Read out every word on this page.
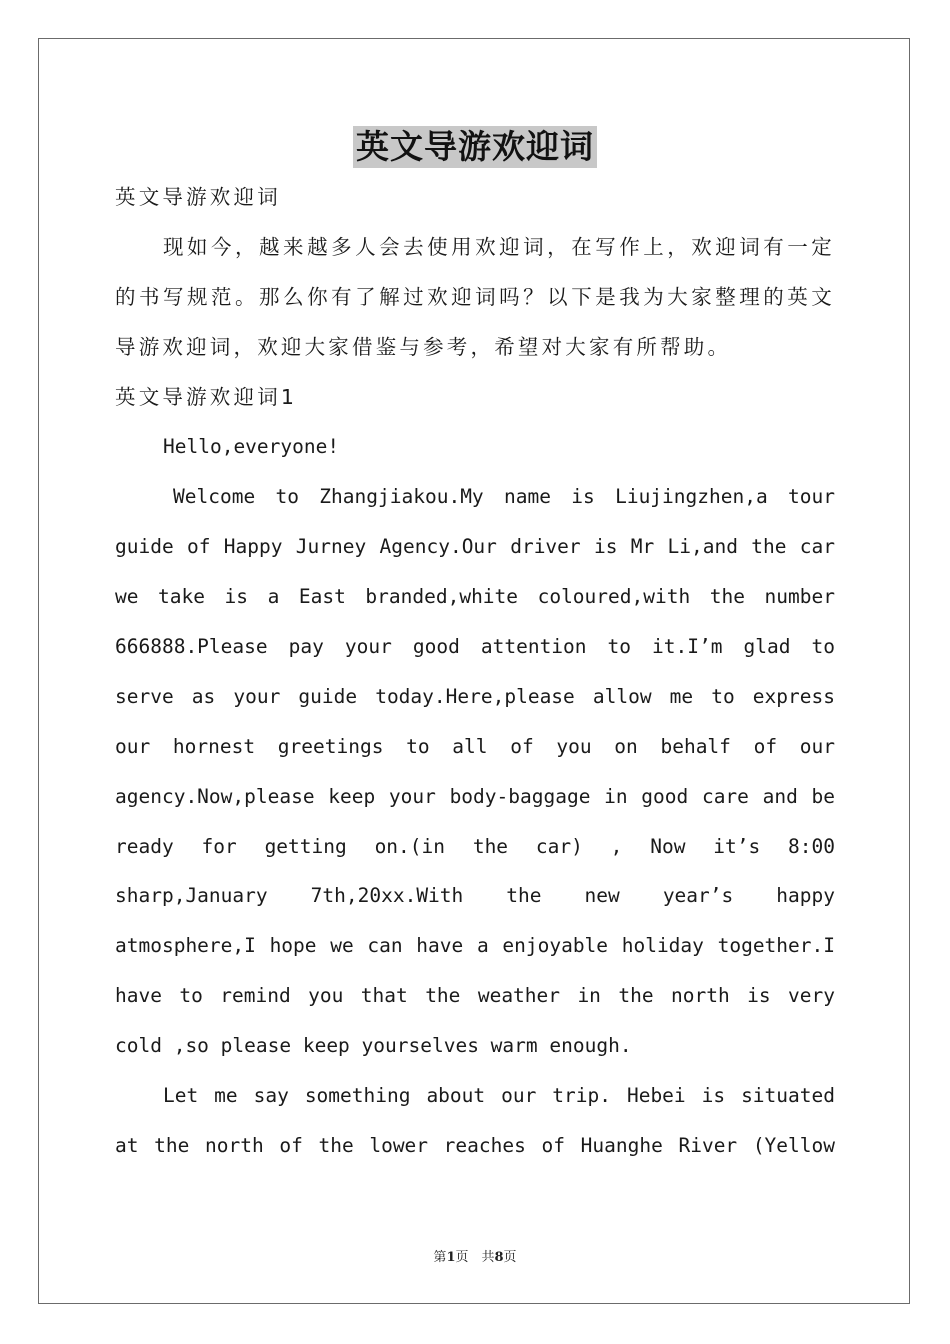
英文导游欢迎词
英文导游欢迎词
现如今，越来越多人会去使用欢迎词，在写作上，欢迎词有一定
的书写规范。那么你有了解过欢迎词吗？以下是我为大家整理的英文
导游欢迎词，欢迎大家借鉴与参考，希望对大家有所帮助。
英文导游欢迎词1
Hello,everyone!
Welcome to Zhangjiakou.My name is Liujingzhen,a tour
guide of Happy Jurney Agency.Our driver is Mr Li,and the car
we take is a East branded,white coloured,with the number
666888.Please pay your good attention to it.I’m glad to
serve as your guide today.Here,please allow me to express
our hornest greetings to all of you on behalf of our
agency.Now,please keep your body-baggage in good care and be
ready for getting on.(in the car) , Now it’s 8:00
sharp,January 7th,20xx.With the new year’s happy
atmosphere,I hope we can have a enjoyable holiday together.I
have to remind you that the weather in the north is very
cold ,so please keep yourselves warm enough.
Let me say something about our trip. Hebei is situated
at the north of the lower reaches of Huanghe River (Yellow
第1页　共8页
